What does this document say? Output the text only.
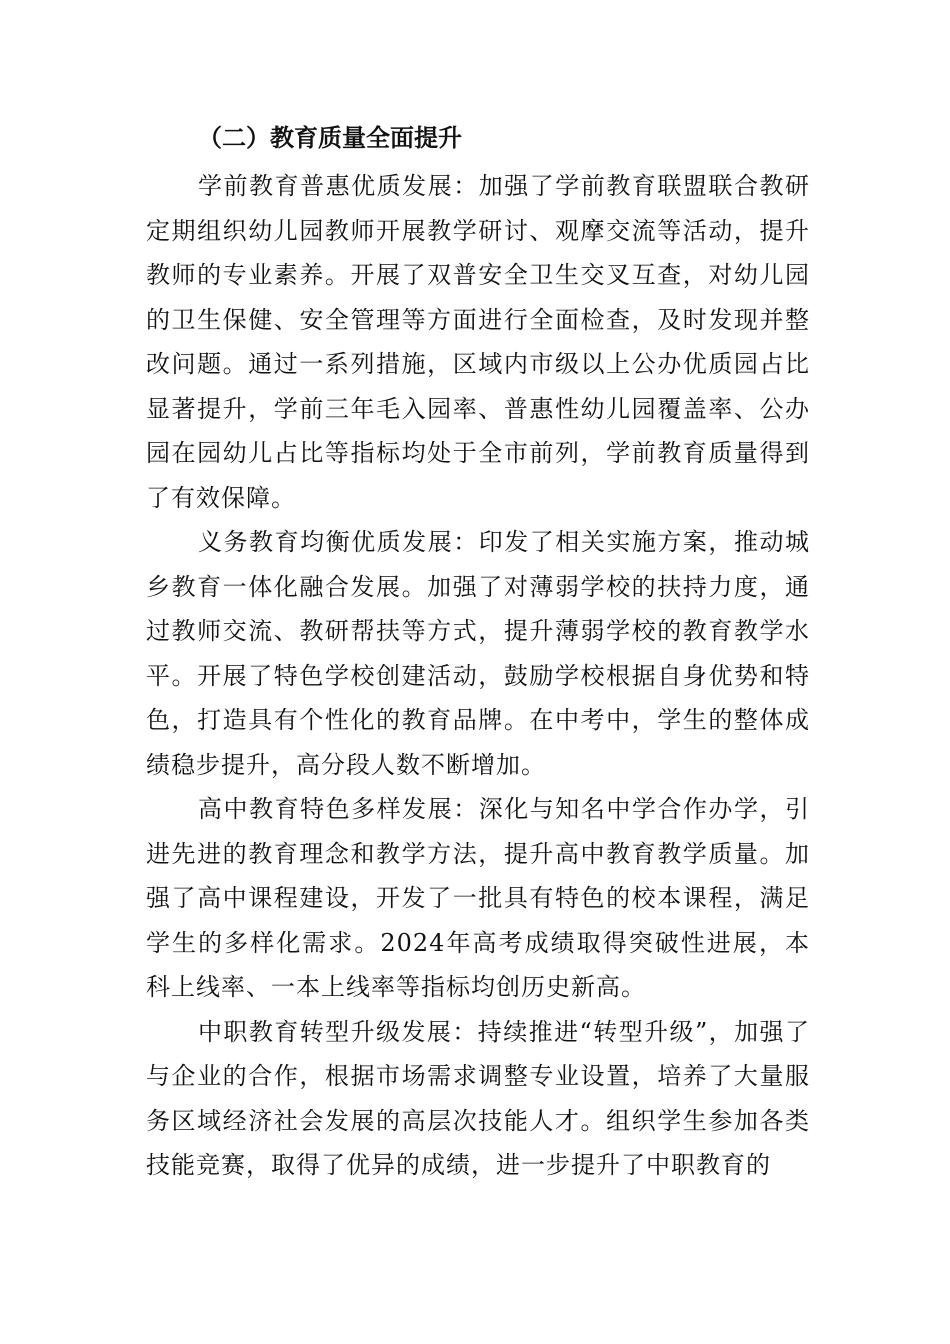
（二）教育质量全面提升

学前教育普惠优质发展：加强了学前教育联盟联合教研定期组织幼儿园教师开展教学研讨、观摩交流等活动，提升教师的专业素养。开展了双普安全卫生交叉互查，对幼儿园的卫生保健、安全管理等方面进行全面检查，及时发现并整改问题。通过一系列措施，区域内市级以上公办优质园占比显著提升，学前三年毛入园率、普惠性幼儿园覆盖率、公办园在园幼儿占比等指标均处于全市前列，学前教育质量得到了有效保障。

义务教育均衡优质发展：印发了相关实施方案，推动城乡教育一体化融合发展。加强了对薄弱学校的扶持力度，通过教师交流、教研帮扶等方式，提升薄弱学校的教育教学水平。开展了特色学校创建活动，鼓励学校根据自身优势和特色，打造具有个性化的教育品牌。在中考中，学生的整体成绩稳步提升，高分段人数不断增加。

高中教育特色多样发展：深化与知名中学合作办学，引进先进的教育理念和教学方法，提升高中教育教学质量。加强了高中课程建设，开发了一批具有特色的校本课程，满足学生的多样化需求。2024年高考成绩取得突破性进展，本科上线率、一本上线率等指标均创历史新高。

中职教育转型升级发展：持续推进“转型升级”，加强了与企业的合作，根据市场需求调整专业设置，培养了大量服务区域经济社会发展的高层次技能人才。组织学生参加各类技能竞赛，取得了优异的成绩，进一步提升了中职教育的
